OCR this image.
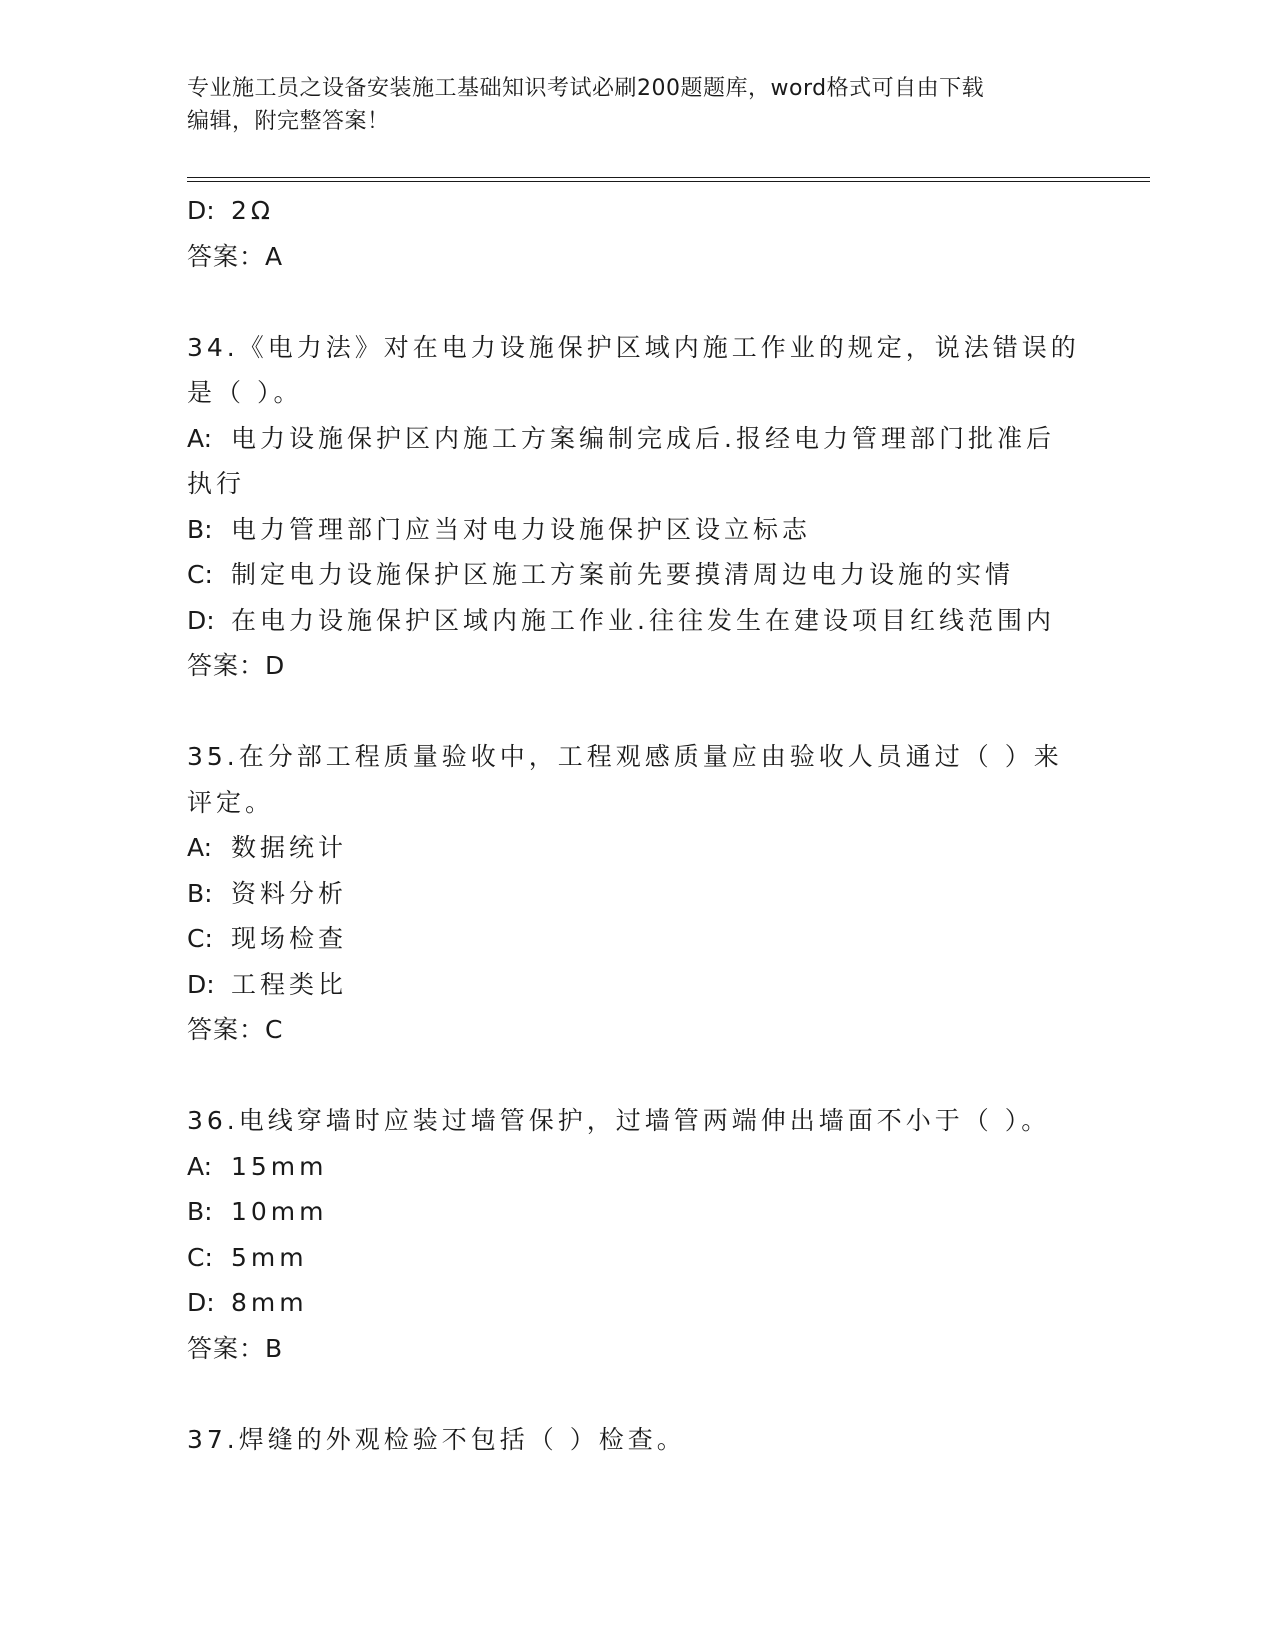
专业施工员之设备安装施工基础知识考试必刷200题题库，word格式可自由下载
编辑，附完整答案！

D: 2Ω

答案：A

34.《电力法》对在电力设施保护区域内施工作业的规定，说法错误的

是（ ）。

A: 电力设施保护区内施工方案编制完成后.报经电力管理部门批准后

执行

B: 电力管理部门应当对电力设施保护区设立标志

C: 制定电力设施保护区施工方案前先要摸清周边电力设施的实情

D: 在电力设施保护区域内施工作业.往往发生在建设项目红线范围内

答案：D

35.在分部工程质量验收中，工程观感质量应由验收人员通过（ ）来

评定。

A: 数据统计

B: 资料分析

C: 现场检查

D: 工程类比

答案：C

36.电线穿墙时应装过墙管保护，过墙管两端伸出墙面不小于（ ）。

A: 15mm

B: 10mm

C: 5mm

D: 8mm

答案：B

37.焊缝的外观检验不包括（ ）检查。
